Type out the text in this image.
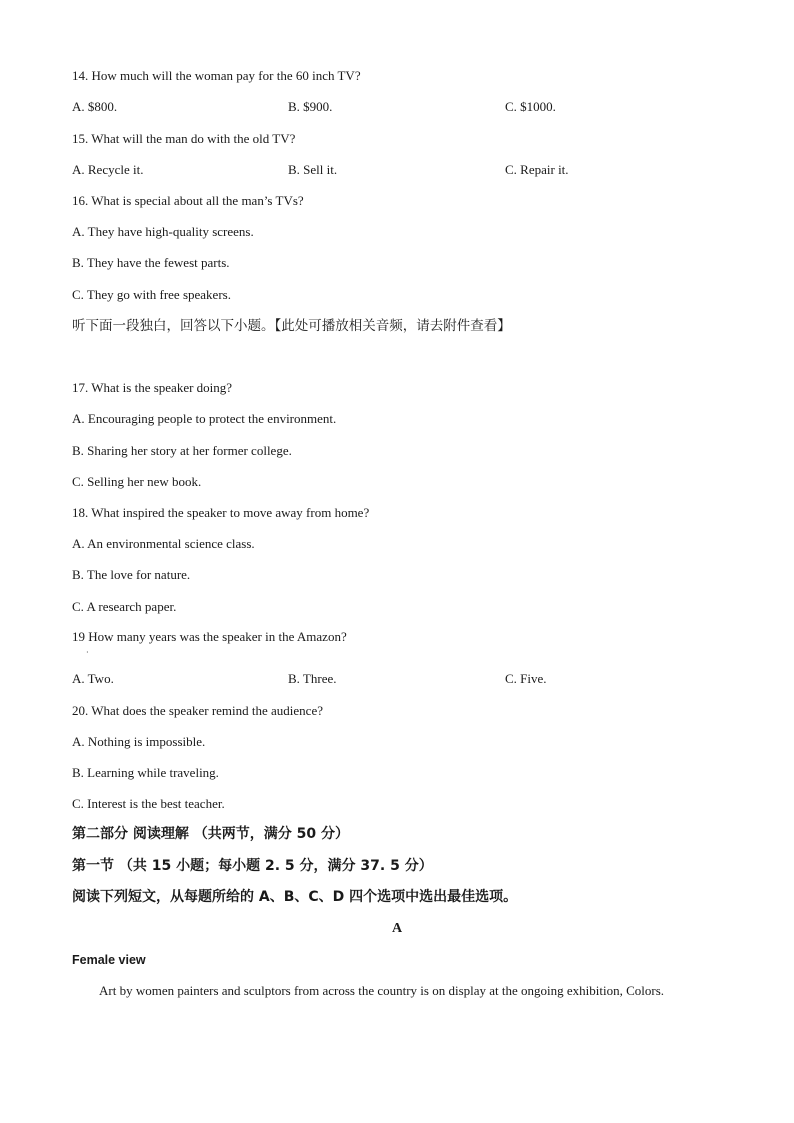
14. How much will the woman pay for the 60 inch TV?
A. $800.	B. $900.	C. $1000.
15. What will the man do with the old TV?
A. Recycle it.	B. Sell it.	C. Repair it.
16. What is special about all the man’s TVs?
A. They have high-quality screens.
B. They have the fewest parts.
C. They go with free speakers.
听下面一段独白，回答以下小题。【此处可播放相关音频，请去附件查看】
17. What is the speaker doing?
A. Encouraging people to protect the environment.
B. Sharing her story at her former college.
C. Selling her new book.
18. What inspired the speaker to move away from home?
A. An environmental science class.
B. The love for nature.
C. A research paper.
19 How many years was the speaker in the Amazon?
·
A. Two.	B. Three.	C. Five.
20. What does the speaker remind the audience?
A. Nothing is impossible.
B. Learning while traveling.
C. Interest is the best teacher.
第二部分 阅读理解 （共两节，满分 50 分）
第一节 （共 15 小题；每小题 2. 5 分，满分 37. 5 分）
阅读下列短文，从每题所给的 A、B、C、D 四个选项中选出最佳选项。
A
Female view
Art by women painters and sculptors from across the country is on display at the ongoing exhibition, Colors.
